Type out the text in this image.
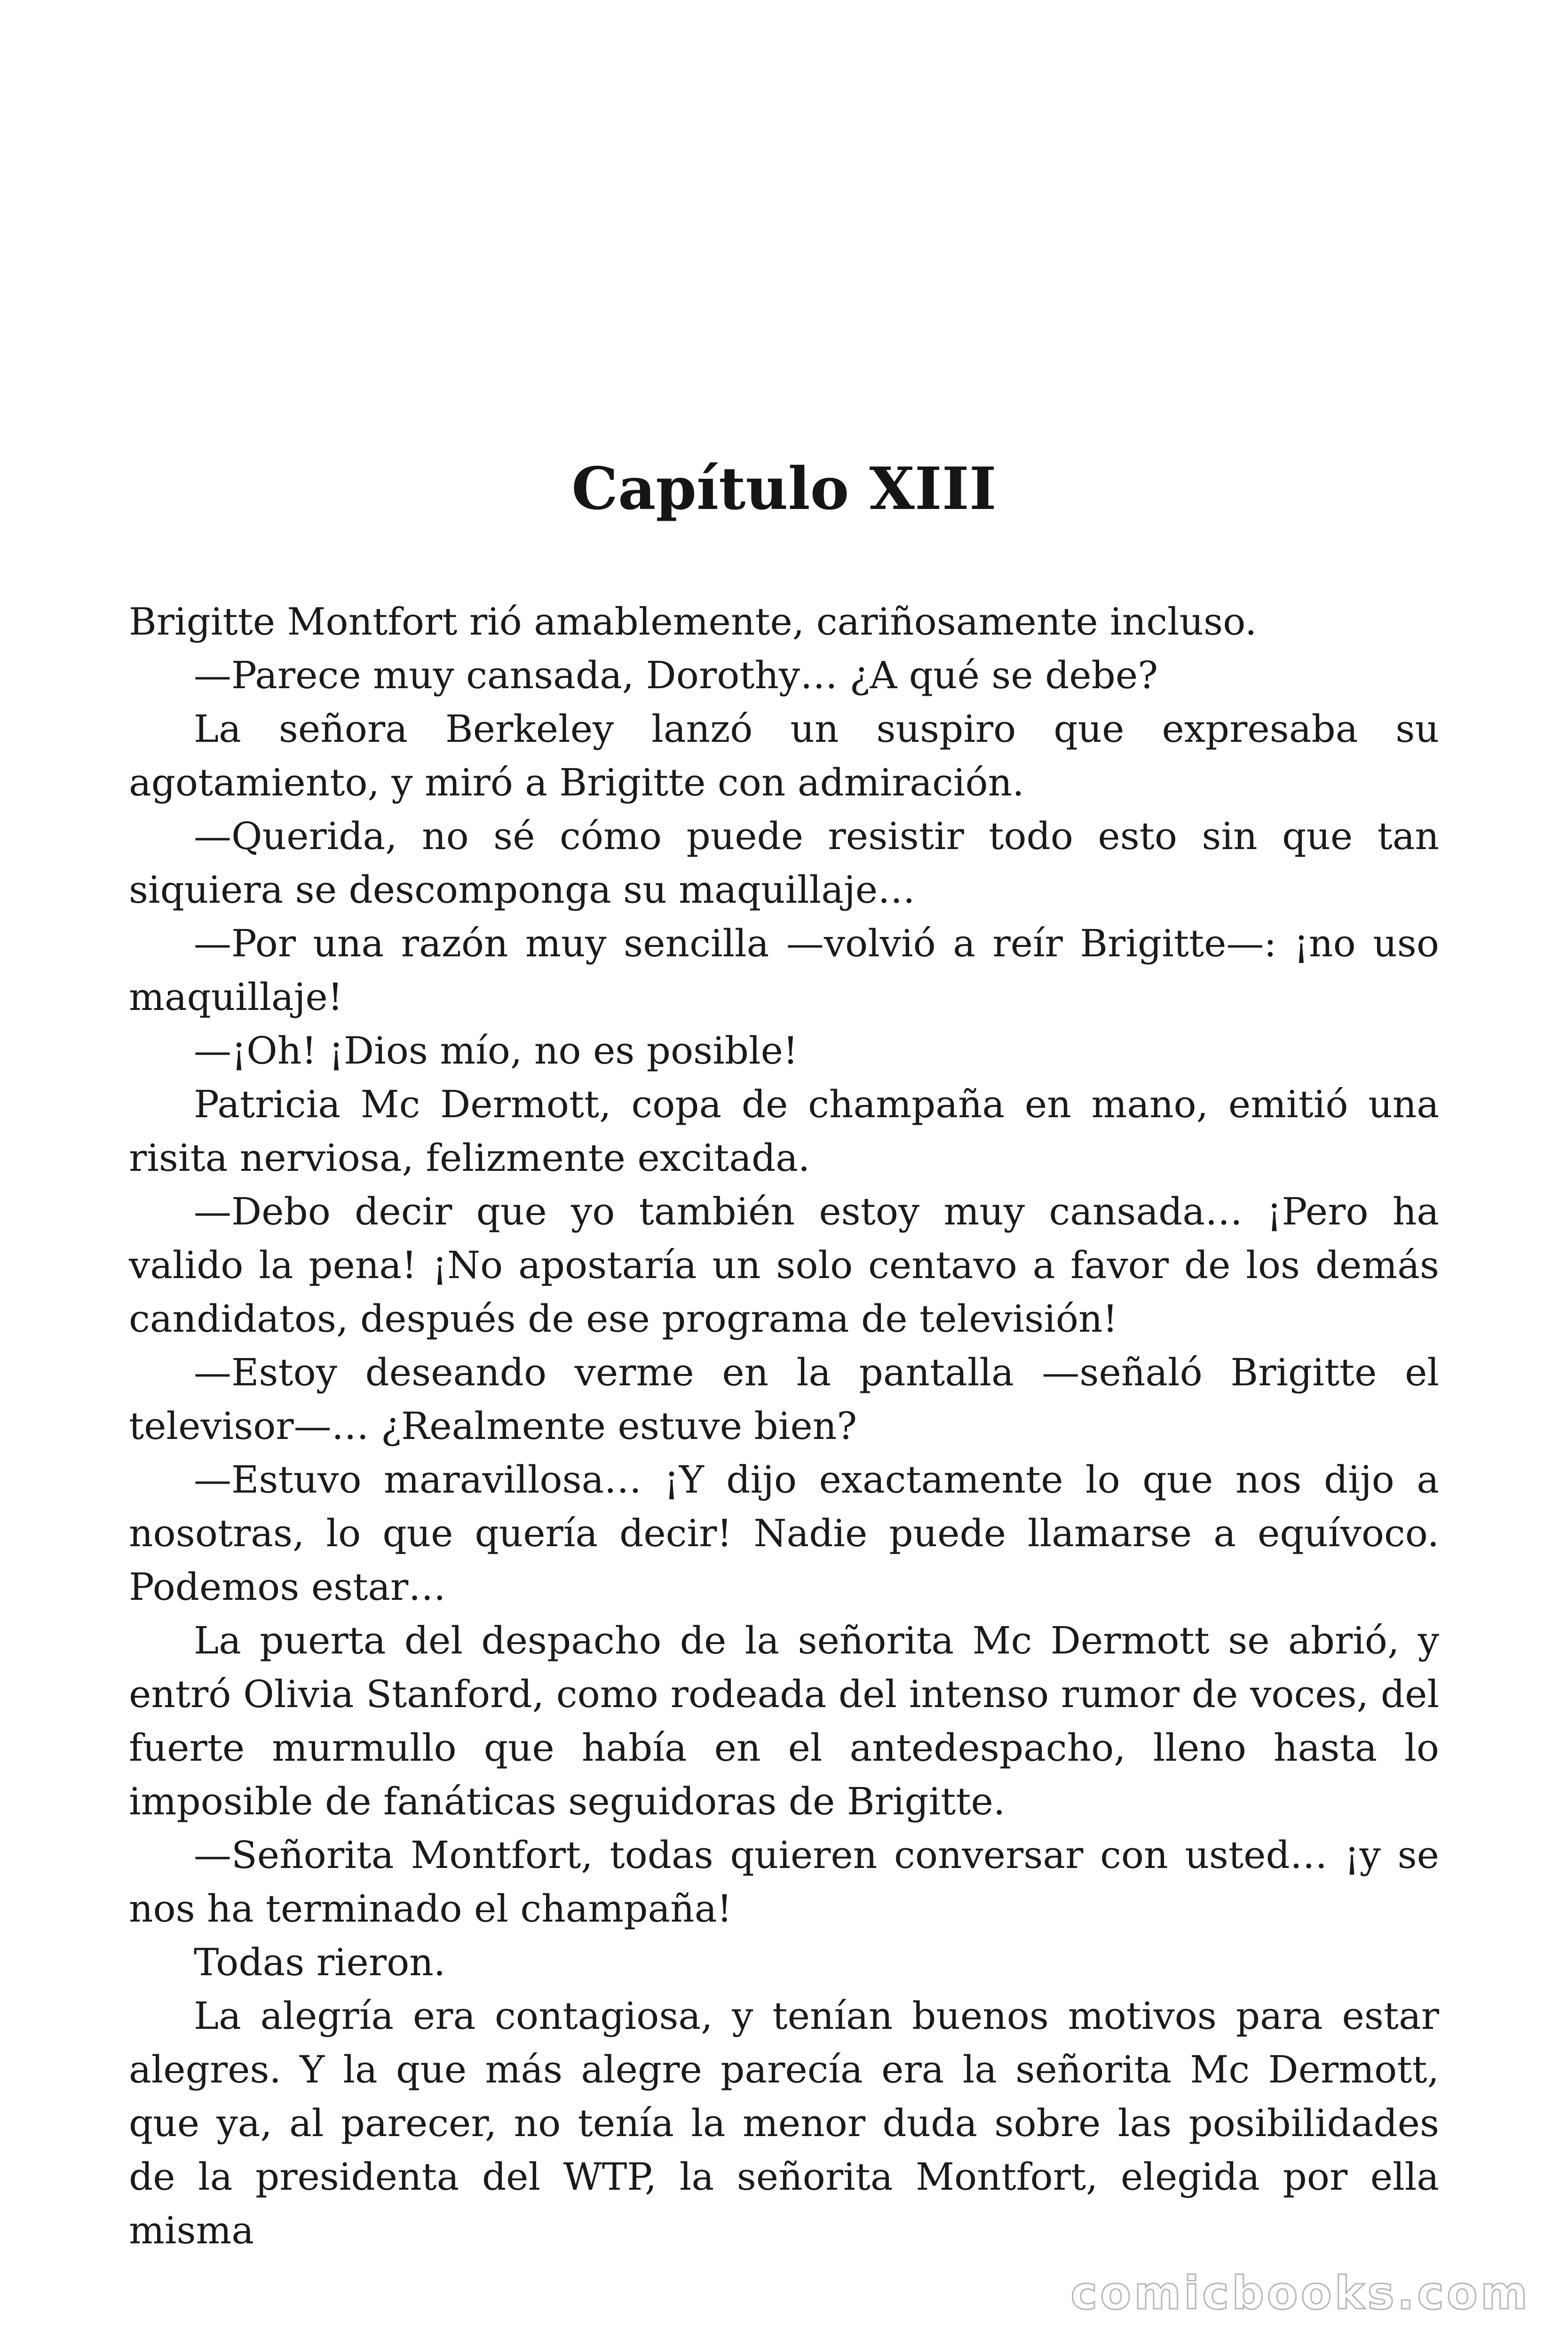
Capítulo XIII

Brigitte Montfort rió amablemente, cariñosamente incluso.

—Parece muy cansada, Dorothy… ¿A qué se debe?

La señora Berkeley lanzó un suspiro que expresaba su agotamiento, y miró a Brigitte con admiración.

—Querida, no sé cómo puede resistir todo esto sin que tan siquiera se descomponga su maquillaje…

—Por una razón muy sencilla —volvió a reír Brigitte—: ¡no uso maquillaje!

—¡Oh! ¡Dios mío, no es posible!

Patricia Mc Dermott, copa de champaña en mano, emitió una risita nerviosa, felizmente excitada.

—Debo decir que yo también estoy muy cansada… ¡Pero ha valido la pena! ¡No apostaría un solo centavo a favor de los demás candidatos, después de ese programa de televisión!

—Estoy deseando verme en la pantalla —señaló Brigitte el televisor—… ¿Realmente estuve bien?

—Estuvo maravillosa… ¡Y dijo exactamente lo que nos dijo a nosotras, lo que quería decir! Nadie puede llamarse a equívoco. Podemos estar…

La puerta del despacho de la señorita Mc Dermott se abrió, y entró Olivia Stanford, como rodeada del intenso rumor de voces, del fuerte murmullo que había en el antedespacho, lleno hasta lo imposible de fanáticas seguidoras de Brigitte.

—Señorita Montfort, todas quieren conversar con usted… ¡y se nos ha terminado el champaña!

Todas rieron.

La alegría era contagiosa, y tenían buenos motivos para estar alegres. Y la que más alegre parecía era la señorita Mc Dermott, que ya, al parecer, no tenía la menor duda sobre las posibilidades de la presidenta del WTP, la señorita Montfort, elegida por ella misma

comicbooks.com
